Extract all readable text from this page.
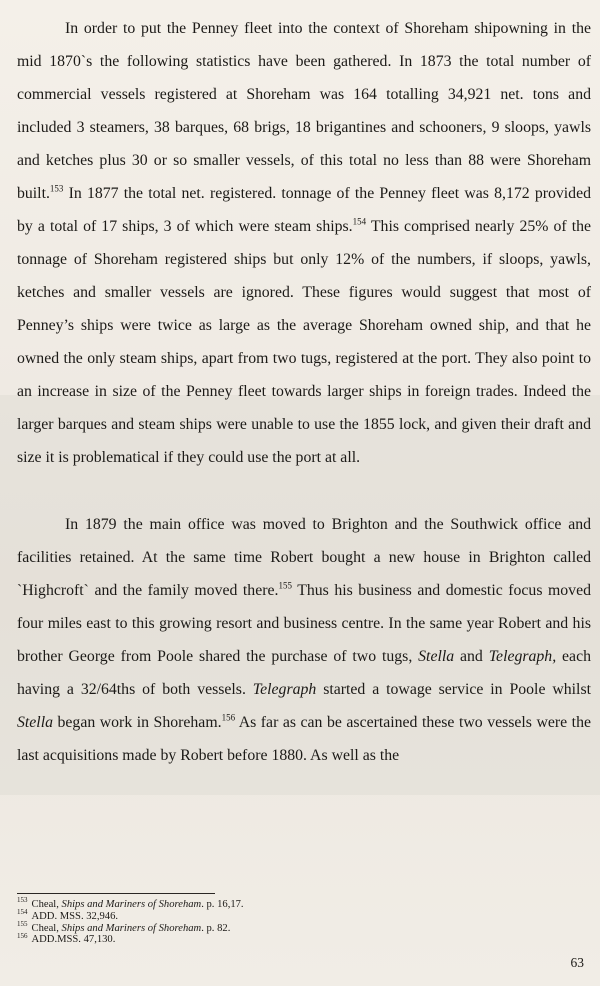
In order to put the Penney fleet into the context of Shoreham shipowning in the mid 1870`s the following statistics have been gathered. In 1873 the total number of commercial vessels registered at Shoreham was 164 totalling 34,921 net. tons and included 3 steamers, 38 barques, 68 brigs, 18 brigantines and schooners, 9 sloops, yawls and ketches plus 30 or so smaller vessels, of this total no less than 88 were Shoreham built.$^{153}$ In 1877 the total net. registered. tonnage of the Penney fleet was 8,172 provided by a total of 17 ships, 3 of which were steam ships.$^{154}$ This comprised nearly 25% of the tonnage of Shoreham registered ships but only 12% of the numbers, if sloops, yawls, ketches and smaller vessels are ignored. These figures would suggest that most of Penney’s ships were twice as large as the average Shoreham owned ship, and that he owned the only steam ships, apart from two tugs, registered at the port. They also point to an increase in size of the Penney fleet towards larger ships in foreign trades. Indeed the larger barques and steam ships were unable to use the 1855 lock, and given their draft and size it is problematical if they could use the port at all.

In 1879 the main office was moved to Brighton and the Southwick office and facilities retained. At the same time Robert bought a new house in Brighton called `Highcroft` and the family moved there.$^{155}$ Thus his business and domestic focus moved four miles east to this growing resort and business centre. In the same year Robert and his brother George from Poole shared the purchase of two tugs, Stella and Telegraph, each having a 32/64ths of both vessels. Telegraph started a towage service in Poole whilst Stella began work in Shoreham.$^{156}$ As far as can be ascertained these two vessels were the last acquisitions made by Robert before 1880. As well as the

$^{153}$ Cheal, Ships and Mariners of Shoreham. p. 16,17.
$^{154}$ ADD. MSS. 32,946.
$^{155}$ Cheal, Ships and Mariners of Shoreham. p. 82.
$^{156}$ ADD.MSS. 47,130.
63
